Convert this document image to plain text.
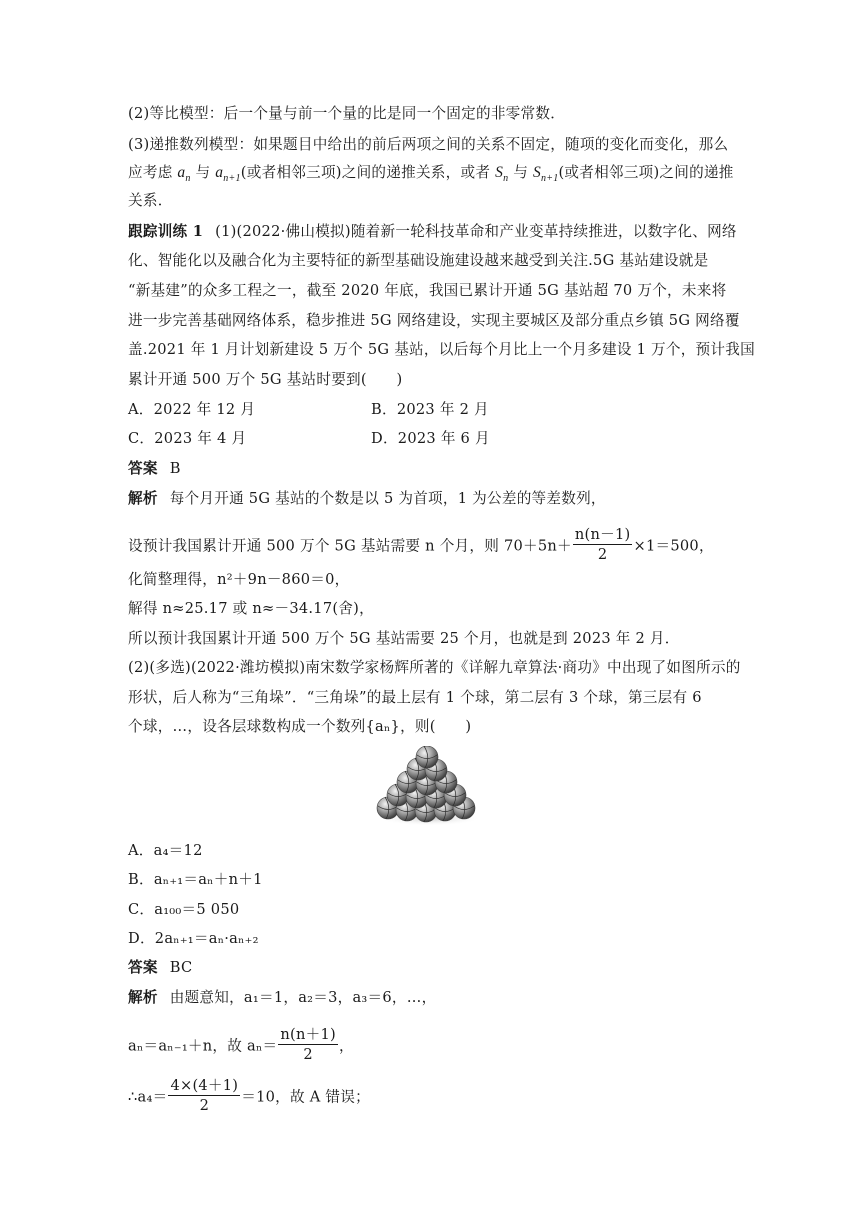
(2)等比模型：后一个量与前一个量的比是同一个固定的非零常数．
(3)递推数列模型：如果题目中给出的前后两项之间的关系不固定，随项的变化而变化，那么
应考虑 $a_n$ 与 $a_{n+1}$(或者相邻三项)之间的递推关系，或者 $S_n$ 与 $S_{n+1}$(或者相邻三项)之间的递推
关系．
跟踪训练 1 (1)(2022·佛山模拟)随着新一轮科技革命和产业变革持续推进，以数字化、网络
化、智能化以及融合化为主要特征的新型基础设施建设越来越受到关注.5G 基站建设就是
“新基建”的众多工程之一，截至 2020 年底，我国已累计开通 5G 基站超 70 万个，未来将
进一步完善基础网络体系，稳步推进 5G 网络建设，实现主要城区及部分重点乡镇 5G 网络覆
盖.2021 年 1 月计划新建设 5 万个 5G 基站，以后每个月比上一个月多建设 1 万个，预计我国
累计开通 500 万个 5G 基站时要到(　　)
A．2022 年 12 月	B．2023 年 2 月
C．2023 年 4 月	D．2023 年 6 月
答案 B
解析 每个月开通 5G 基站的个数是以 5 为首项，1 为公差的等差数列，
设预计我国累计开通 500 万个 5G 基站需要 n 个月，则 $70+5n+ \frac{n(n-1)}{2} \times 1=500$，
化简整理得，n²＋9n－860＝0，
解得 n≈25.17 或 n≈－34.17(舍)，
所以预计我国累计开通 500 万个 5G 基站需要 25 个月，也就是到 2023 年 2 月．
(2)(多选)(2022·潍坊模拟)南宋数学家杨辉所著的《详解九章算法·商功》中出现了如图所示的
形状，后人称为“三角垛”．“三角垛”的最上层有 1 个球，第二层有 3 个球，第三层有 6
个球，…，设各层球数构成一个数列{aₙ}，则(　　)
A．a₄＝12
B．aₙ₊₁＝aₙ＋n＋1
C．a₁₀₀＝5 050
D．2aₙ₊₁＝aₙ·aₙ₊₂
答案 BC
解析 由题意知，a₁＝1，a₂＝3，a₃＝6，…，
aₙ＝aₙ₋₁＋n，故 $a_n= \frac{n(n+1)}{2}$ ，
∴a₄＝ $\frac{4\times(4+1)}{2} =10$，故 A 错误；
